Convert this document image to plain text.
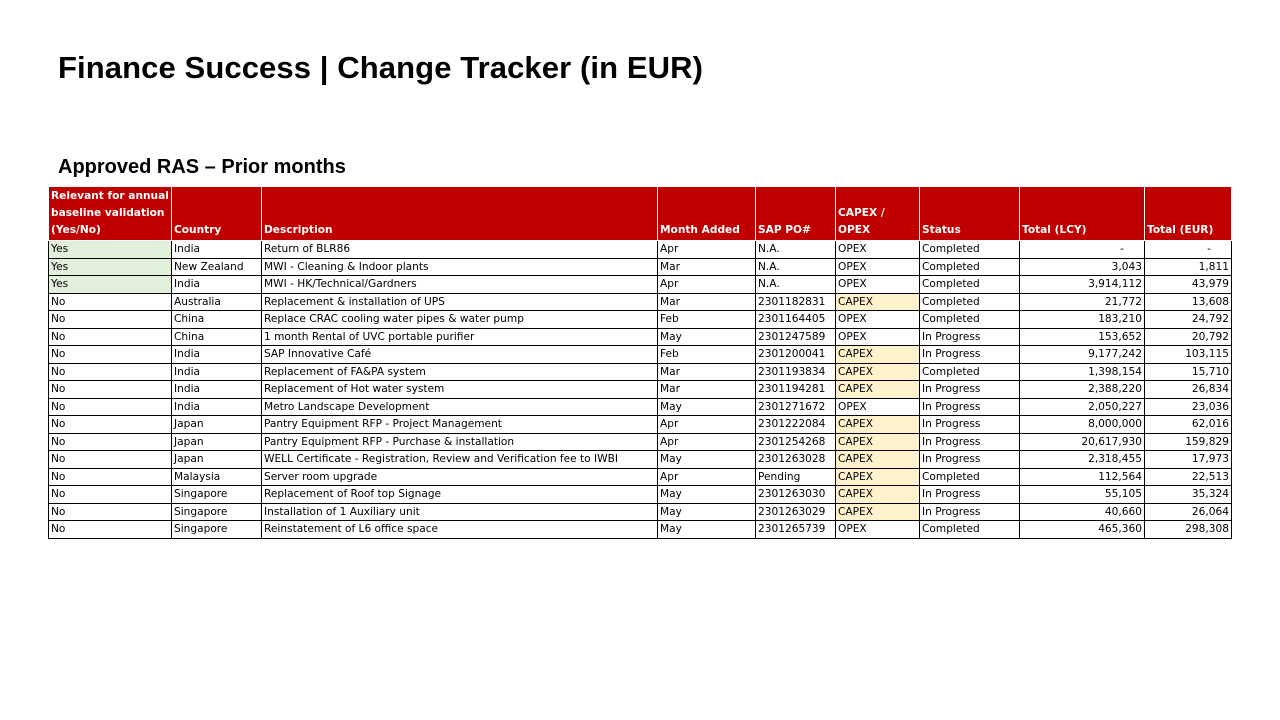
Finance Success | Change Tracker (in EUR)
Approved RAS – Prior months
Relevant for annual baseline validation (Yes/No)	Country	Description	Month Added	SAP PO#	CAPEX / OPEX	Status	Total (LCY)	Total (EUR)
Yes	India	Return of BLR86	Apr	N.A.	OPEX	Completed	-	-
Yes	New Zealand	MWI - Cleaning & Indoor plants	Mar	N.A.	OPEX	Completed	3,043	1,811
Yes	India	MWI - HK/Technical/Gardners	Apr	N.A.	OPEX	Completed	3,914,112	43,979
No	Australia	Replacement & installation of UPS	Mar	2301182831	CAPEX	Completed	21,772	13,608
No	China	Replace CRAC cooling water pipes & water pump	Feb	2301164405	OPEX	Completed	183,210	24,792
No	China	1 month Rental of UVC portable purifier	May	2301247589	OPEX	In Progress	153,652	20,792
No	India	SAP Innovative Café	Feb	2301200041	CAPEX	In Progress	9,177,242	103,115
No	India	Replacement of FA&PA system	Mar	2301193834	CAPEX	Completed	1,398,154	15,710
No	India	Replacement of Hot water system	Mar	2301194281	CAPEX	In Progress	2,388,220	26,834
No	India	Metro Landscape Development	May	2301271672	OPEX	In Progress	2,050,227	23,036
No	Japan	Pantry Equipment RFP - Project Management	Apr	2301222084	CAPEX	In Progress	8,000,000	62,016
No	Japan	Pantry Equipment RFP - Purchase & installation	Apr	2301254268	CAPEX	In Progress	20,617,930	159,829
No	Japan	WELL Certificate - Registration, Review and Verification fee to IWBI	May	2301263028	CAPEX	In Progress	2,318,455	17,973
No	Malaysia	Server room upgrade	Apr	Pending	CAPEX	Completed	112,564	22,513
No	Singapore	Replacement of Roof top Signage	May	2301263030	CAPEX	In Progress	55,105	35,324
No	Singapore	Installation of 1 Auxiliary unit	May	2301263029	CAPEX	In Progress	40,660	26,064
No	Singapore	Reinstatement of L6 office space	May	2301265739	OPEX	Completed	465,360	298,308
